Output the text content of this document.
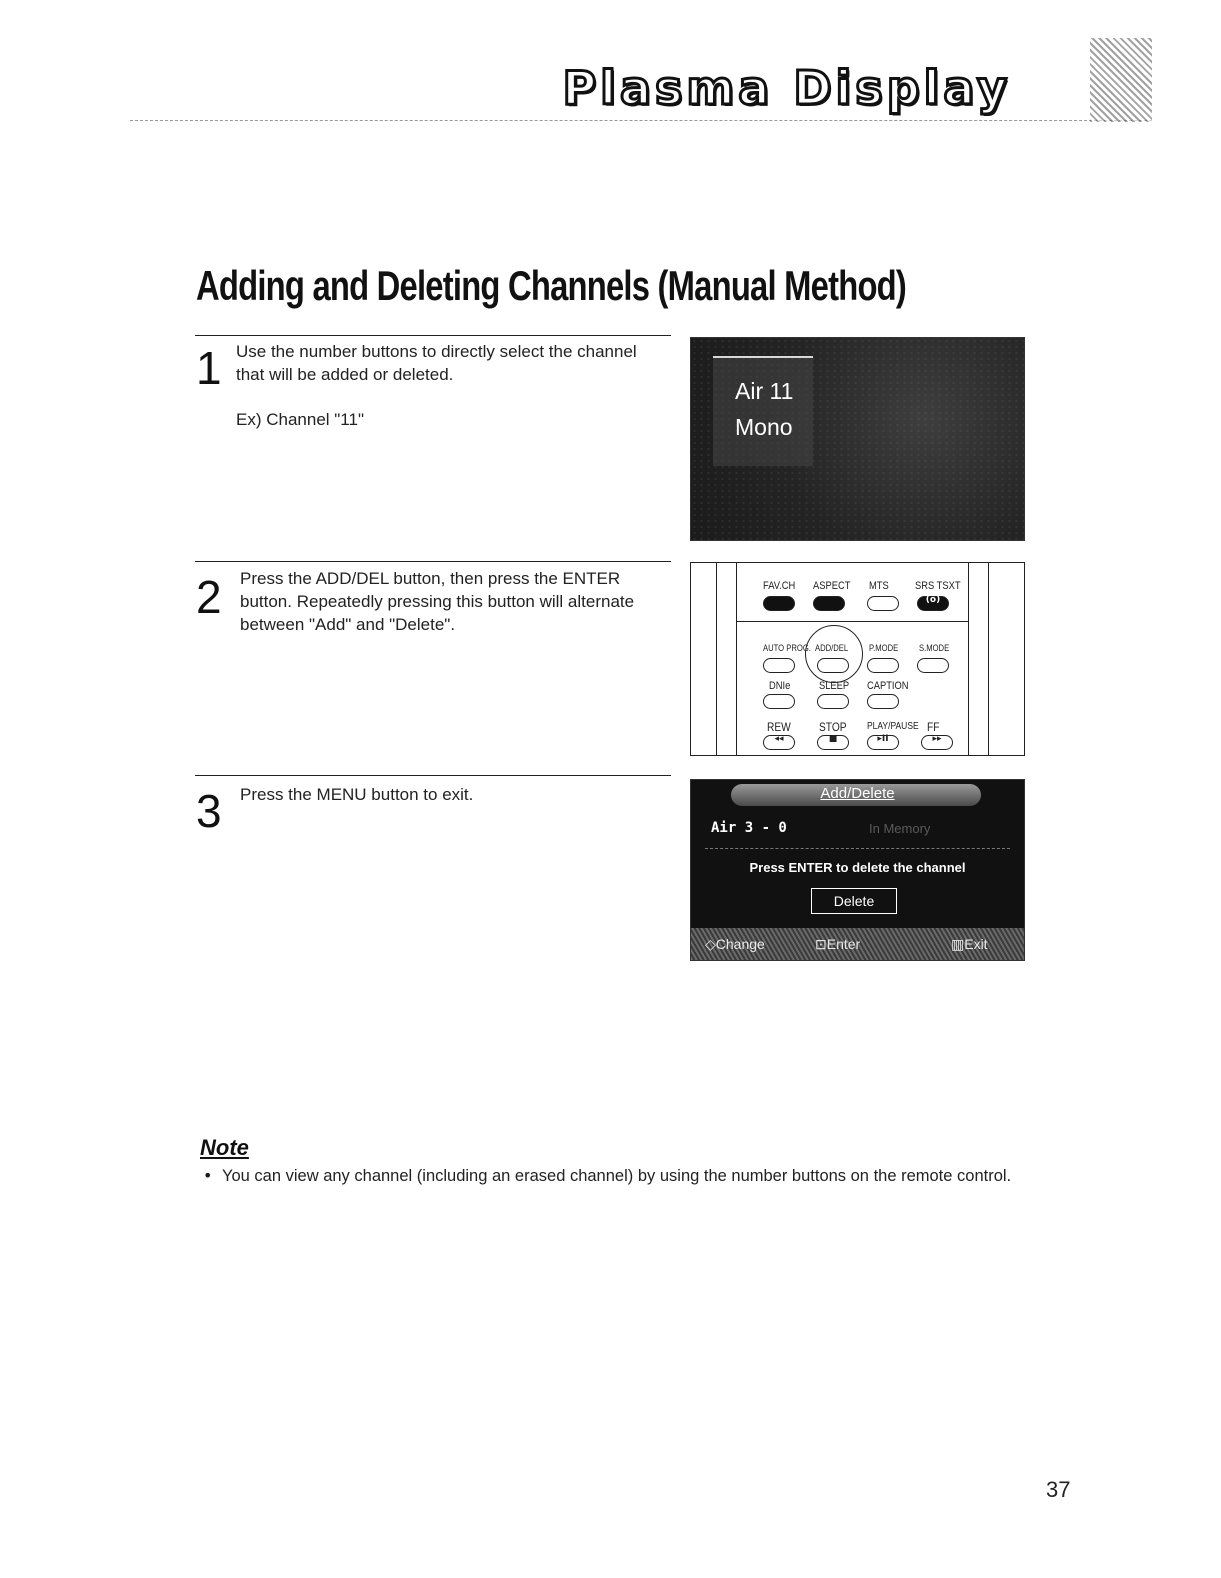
Plasma Display
Adding and Deleting Channels (Manual Method)
1 Use the number buttons to directly select the channel
that will be added or deleted.
Ex) Channel "11"
Air 11
Mono
2 Press the ADD/DEL button, then press the ENTER
button. Repeatedly pressing this button will alternate
between "Add" and "Delete".
FAV.CH ASPECT MTS SRS TSXT
(o)
AUTO PROG. ADD/DEL P.MODE S.MODE
DNIe	SLEEP CAPTION
REW STOP PLAY/PAUSE FF
◂◂	■	▸II	▸▸
3 Press the MENU button to exit.	Add/Delete
Air 3 - 0	In Memory
Press ENTER to delete the channel
Delete
◇Change	⊡Enter	▥Exit
Note
• You can view any channel (including an erased channel) by using the number buttons on the remote control.
37
